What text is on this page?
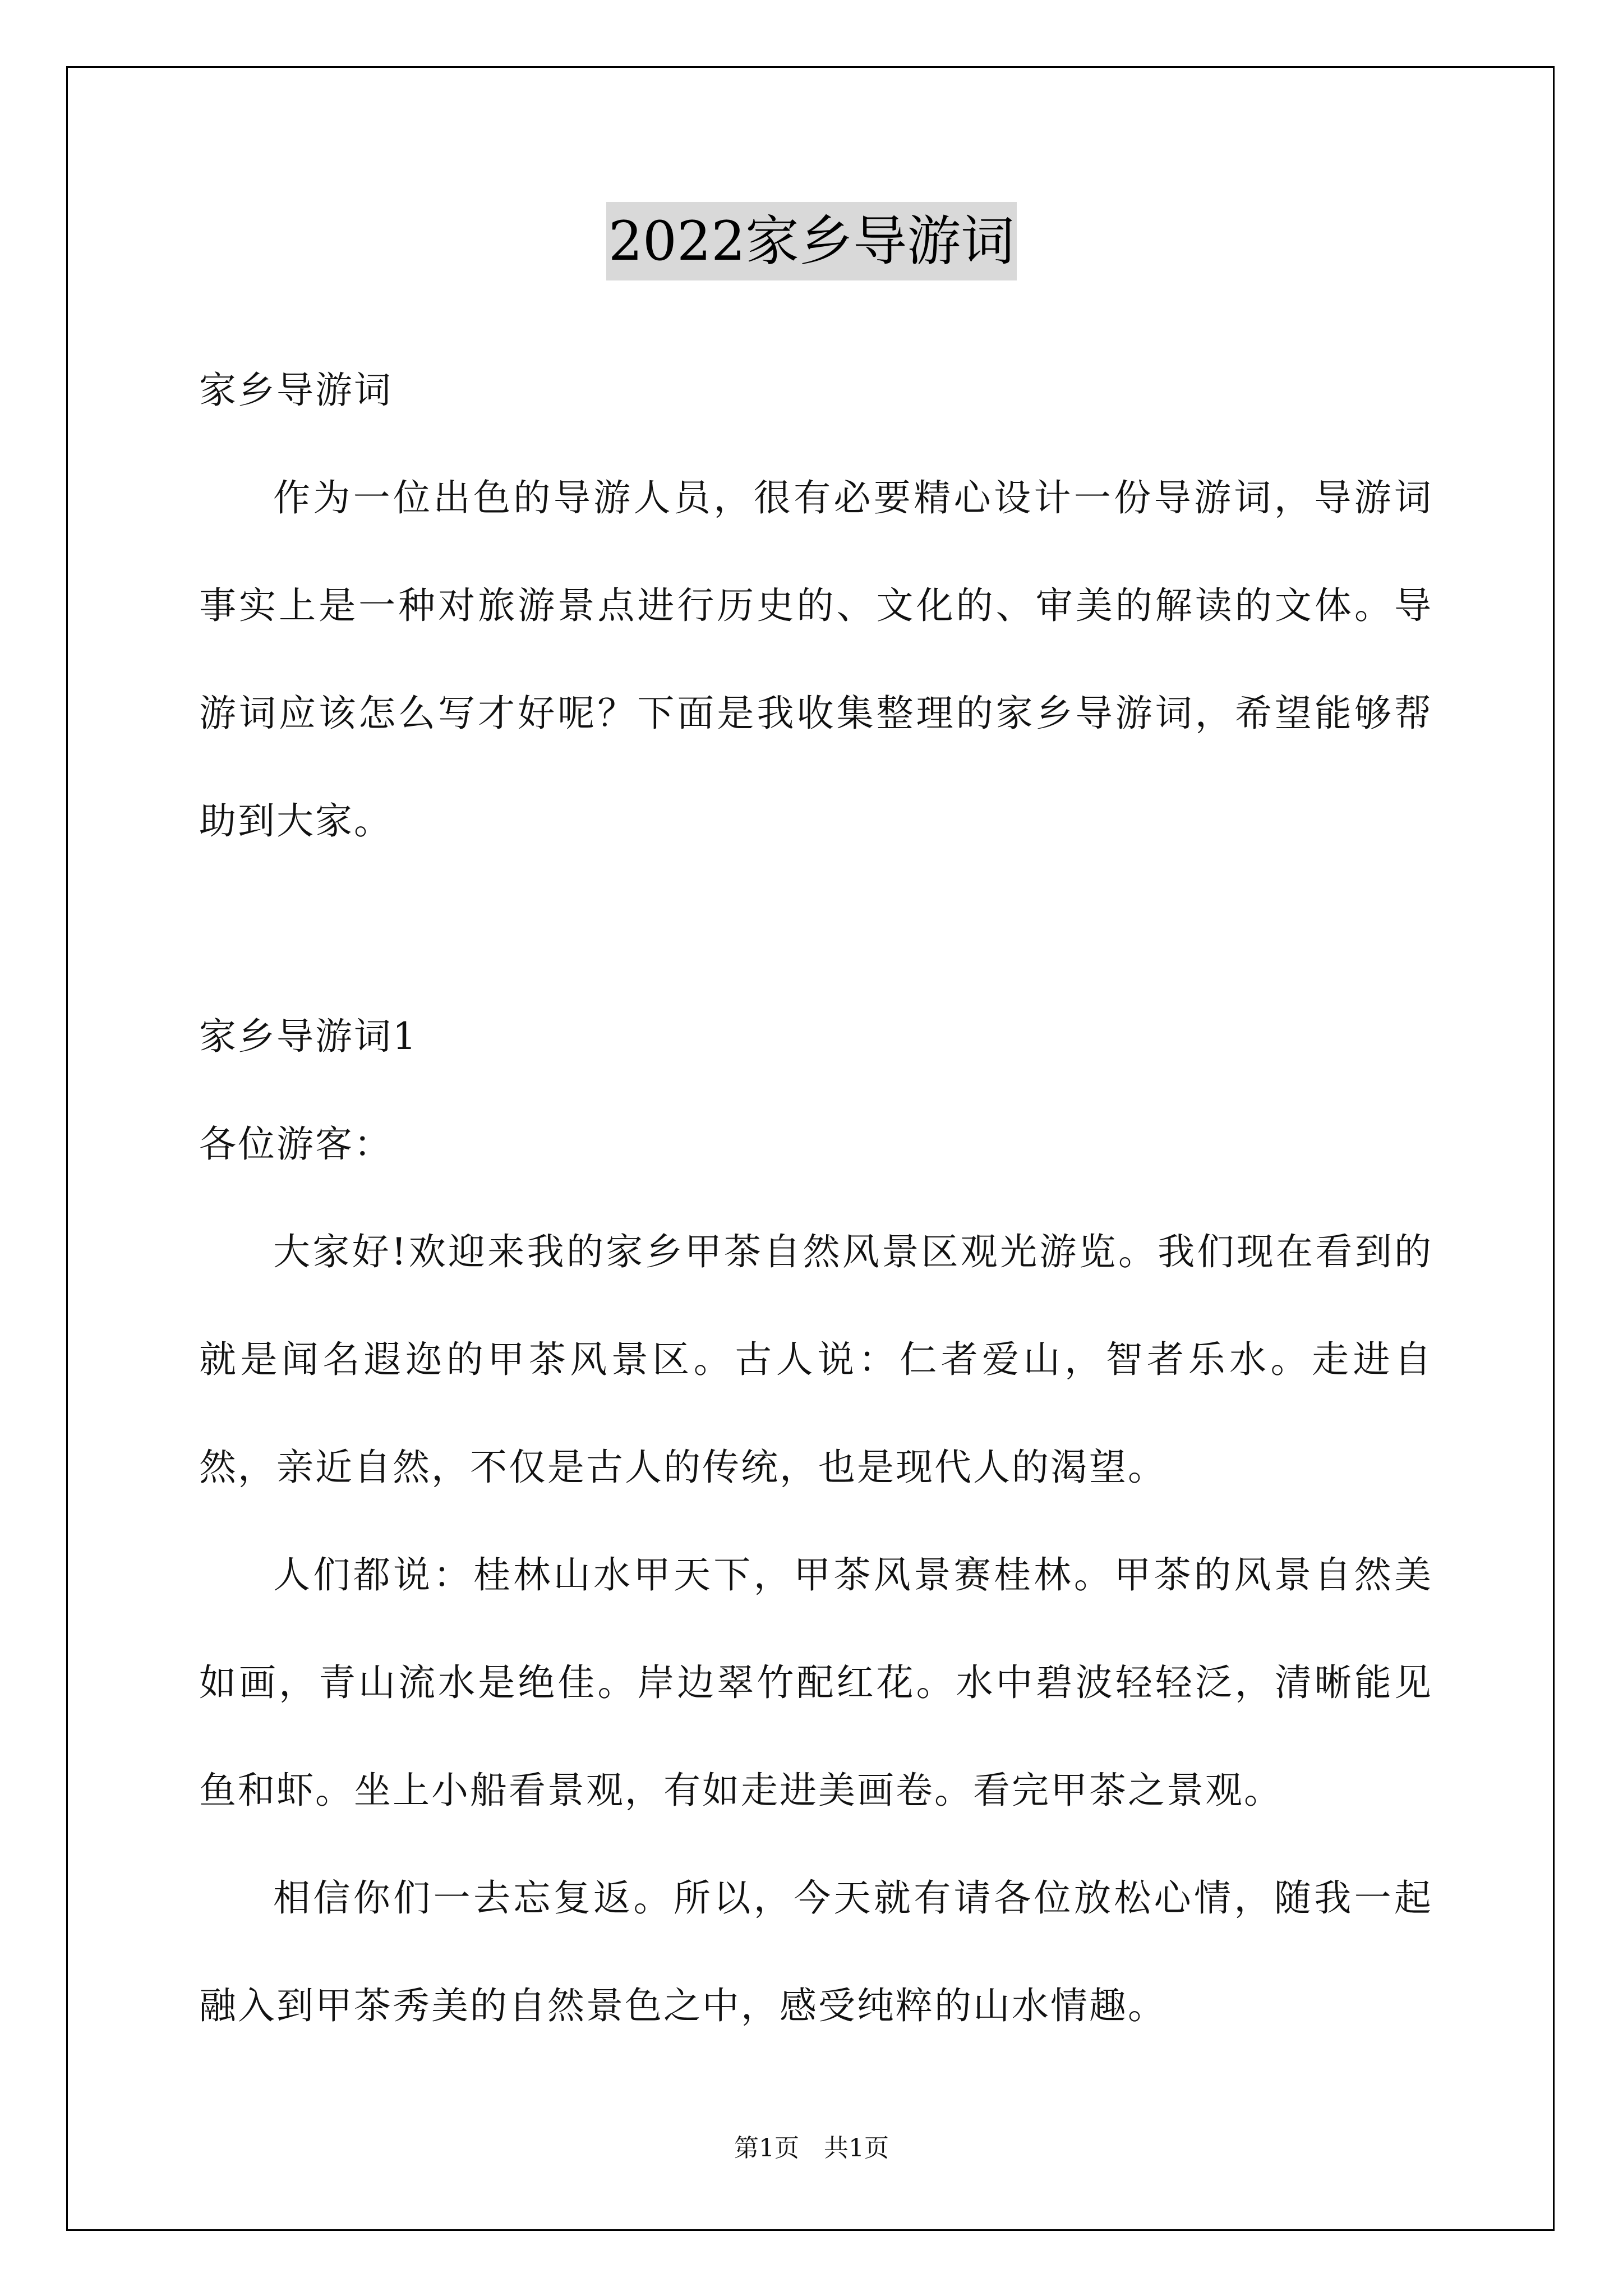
2022家乡导游词

家乡导游词

作为一位出色的导游人员，很有必要精心设计一份导游词，导游词事实上是一种对旅游景点进行历史的、文化的、审美的解读的文体。导游词应该怎么写才好呢？下面是我收集整理的家乡导游词，希望能够帮助到大家。

家乡导游词1

各位游客：

大家好!欢迎来我的家乡甲茶自然风景区观光游览。我们现在看到的就是闻名遐迩的甲茶风景区。古人说：仁者爱山，智者乐水。走进自然，亲近自然，不仅是古人的传统，也是现代人的渴望。

人们都说：桂林山水甲天下，甲茶风景赛桂林。甲茶的风景自然美如画，青山流水是绝佳。岸边翠竹配红花。水中碧波轻轻泛，清晰能见鱼和虾。坐上小船看景观，有如走进美画卷。看完甲茶之景观。

相信你们一去忘复返。所以，今天就有请各位放松心情，随我一起融入到甲茶秀美的自然景色之中，感受纯粹的山水情趣。

第1页 共1页
